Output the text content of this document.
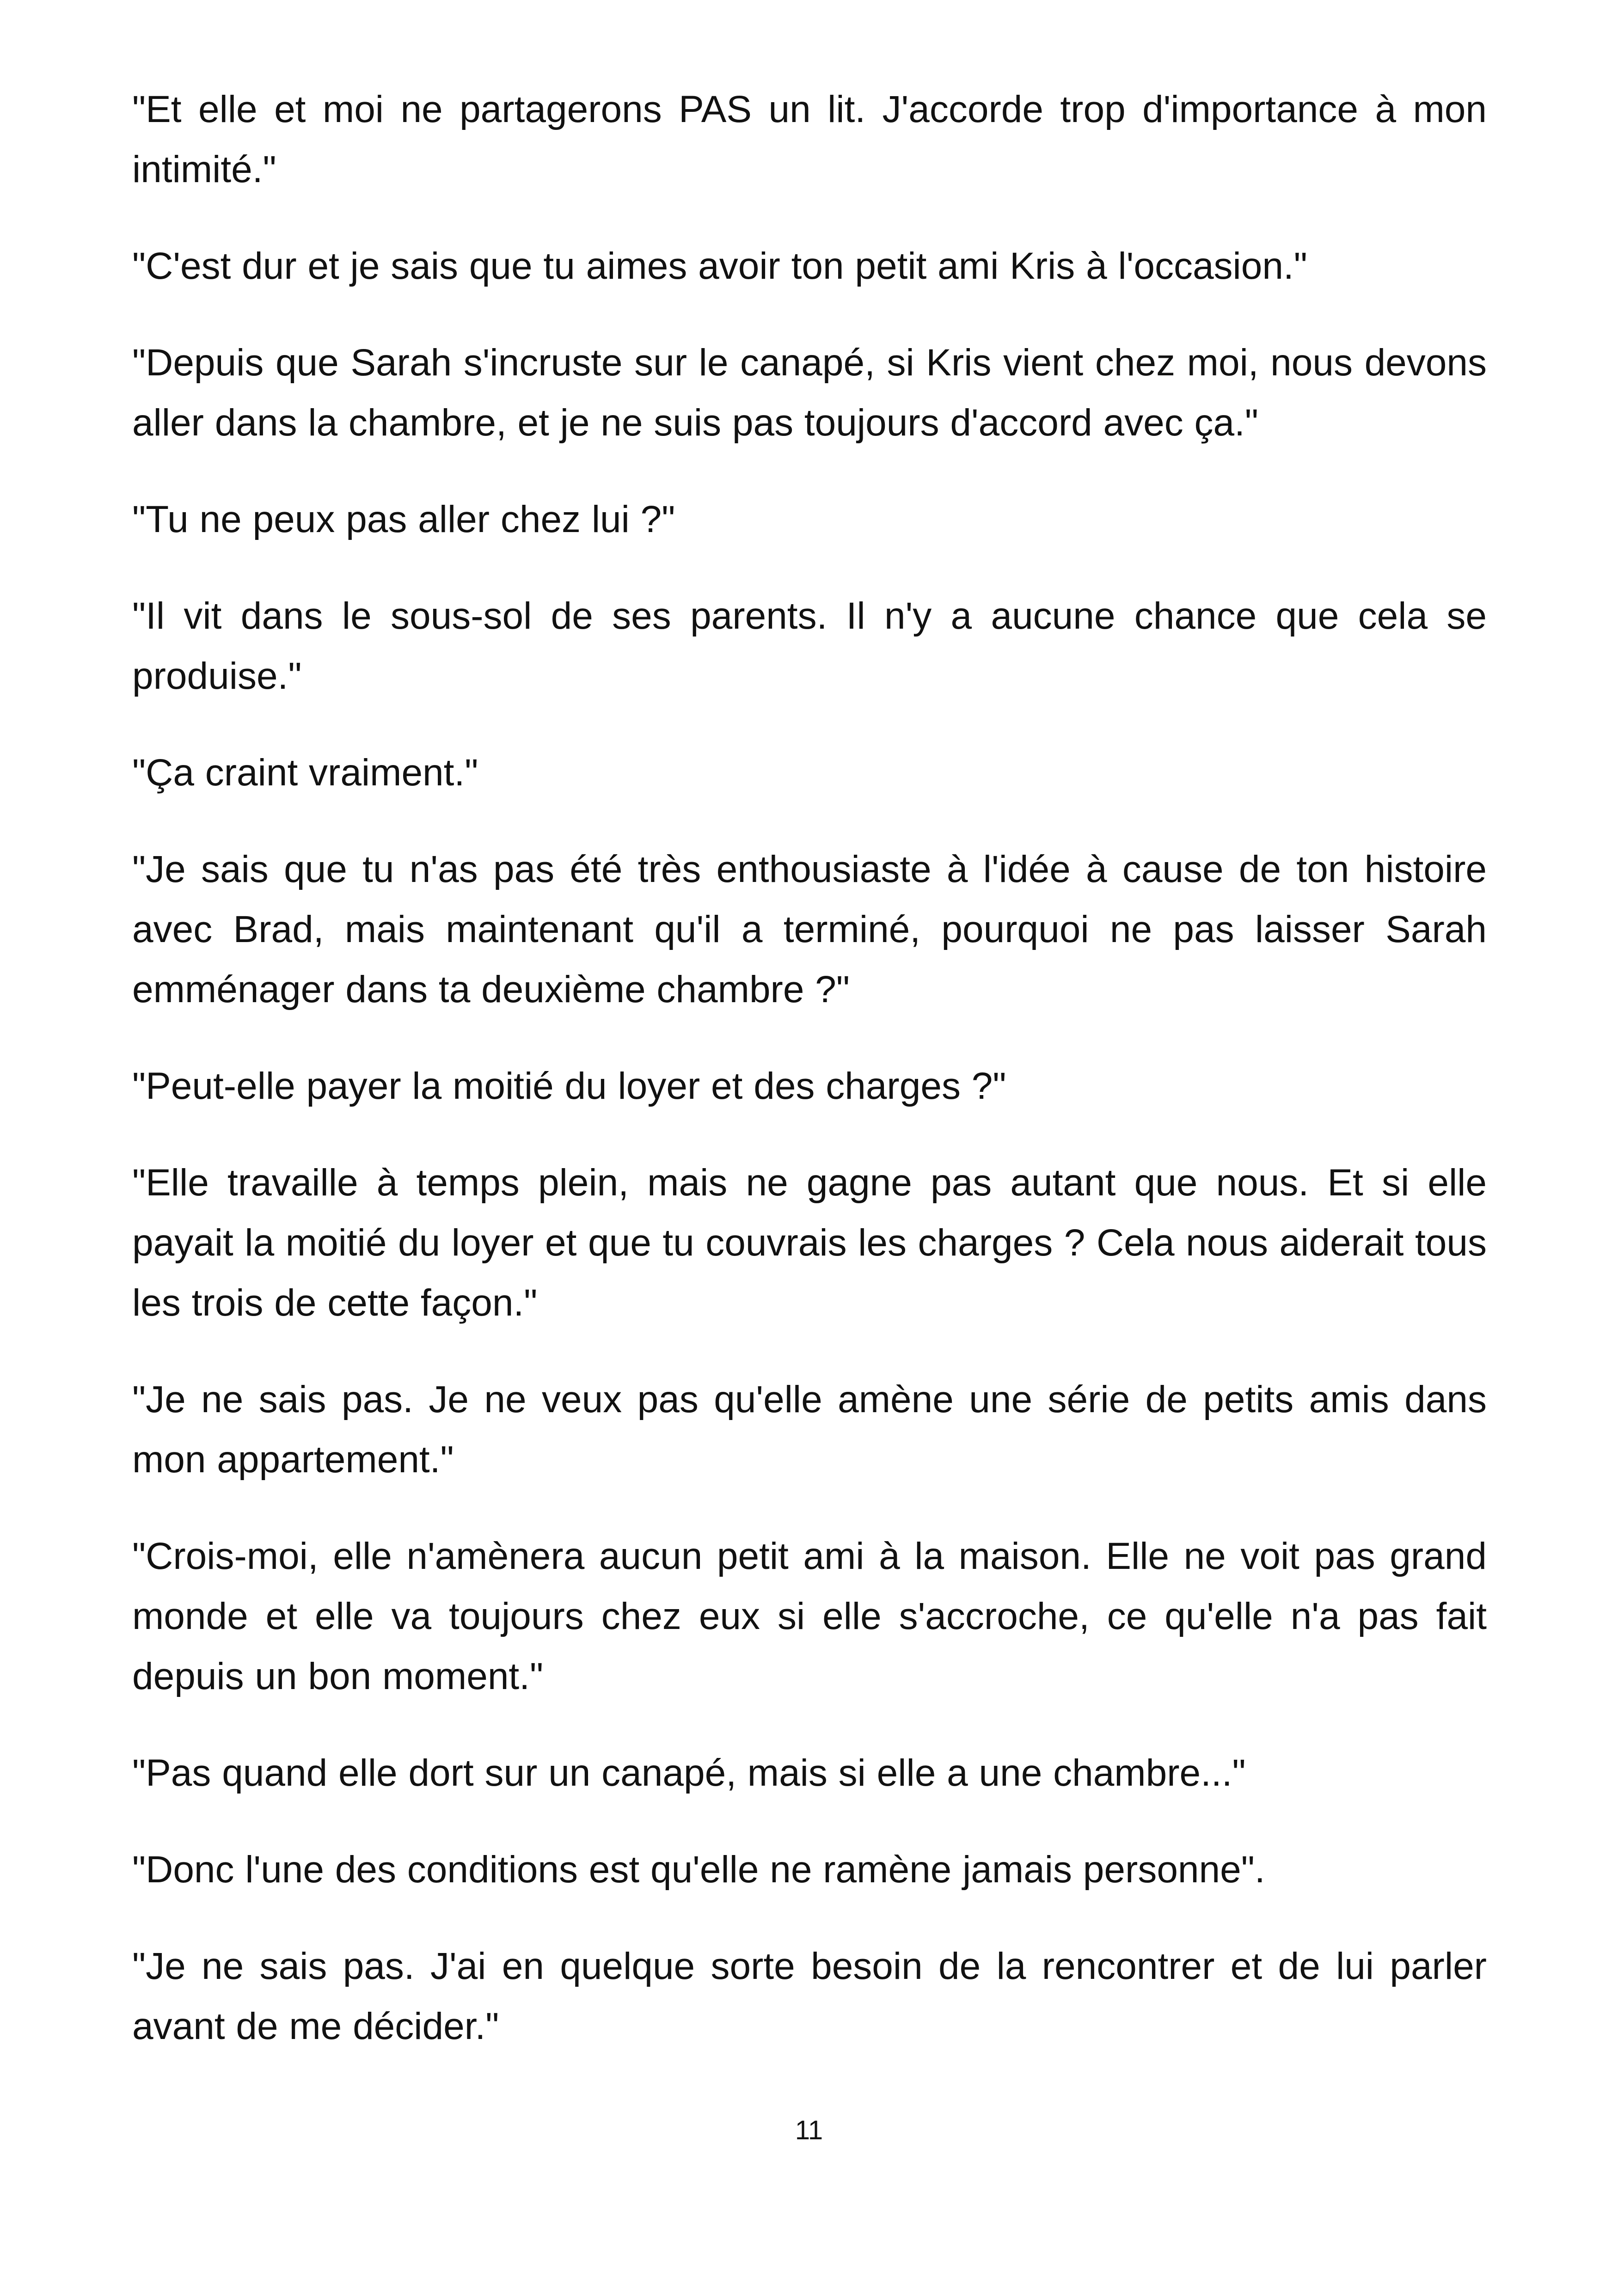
"Et elle et moi ne partagerons PAS un lit. J'accorde trop d'importance à mon intimité."

"C'est dur et je sais que tu aimes avoir ton petit ami Kris à l'occasion."

"Depuis que Sarah s'incruste sur le canapé, si Kris vient chez moi, nous devons aller dans la chambre, et je ne suis pas toujours d'accord avec ça."

"Tu ne peux pas aller chez lui ?"

"Il vit dans le sous-sol de ses parents. Il n'y a aucune chance que cela se produise."

"Ça craint vraiment."

"Je sais que tu n'as pas été très enthousiaste à l'idée à cause de ton histoire avec Brad, mais maintenant qu'il a terminé, pourquoi ne pas laisser Sarah emménager dans ta deuxième chambre ?"

"Peut-elle payer la moitié du loyer et des charges ?"

"Elle travaille à temps plein, mais ne gagne pas autant que nous. Et si elle payait la moitié du loyer et que tu couvrais les charges ? Cela nous aiderait tous les trois de cette façon."

"Je ne sais pas. Je ne veux pas qu'elle amène une série de petits amis dans mon appartement."

"Crois-moi, elle n'amènera aucun petit ami à la maison. Elle ne voit pas grand monde et elle va toujours chez eux si elle s'accroche, ce qu'elle n'a pas fait depuis un bon moment."

"Pas quand elle dort sur un canapé, mais si elle a une chambre..."

"Donc l'une des conditions est qu'elle ne ramène jamais personne".

"Je ne sais pas. J'ai en quelque sorte besoin de la rencontrer et de lui parler avant de me décider."

11
